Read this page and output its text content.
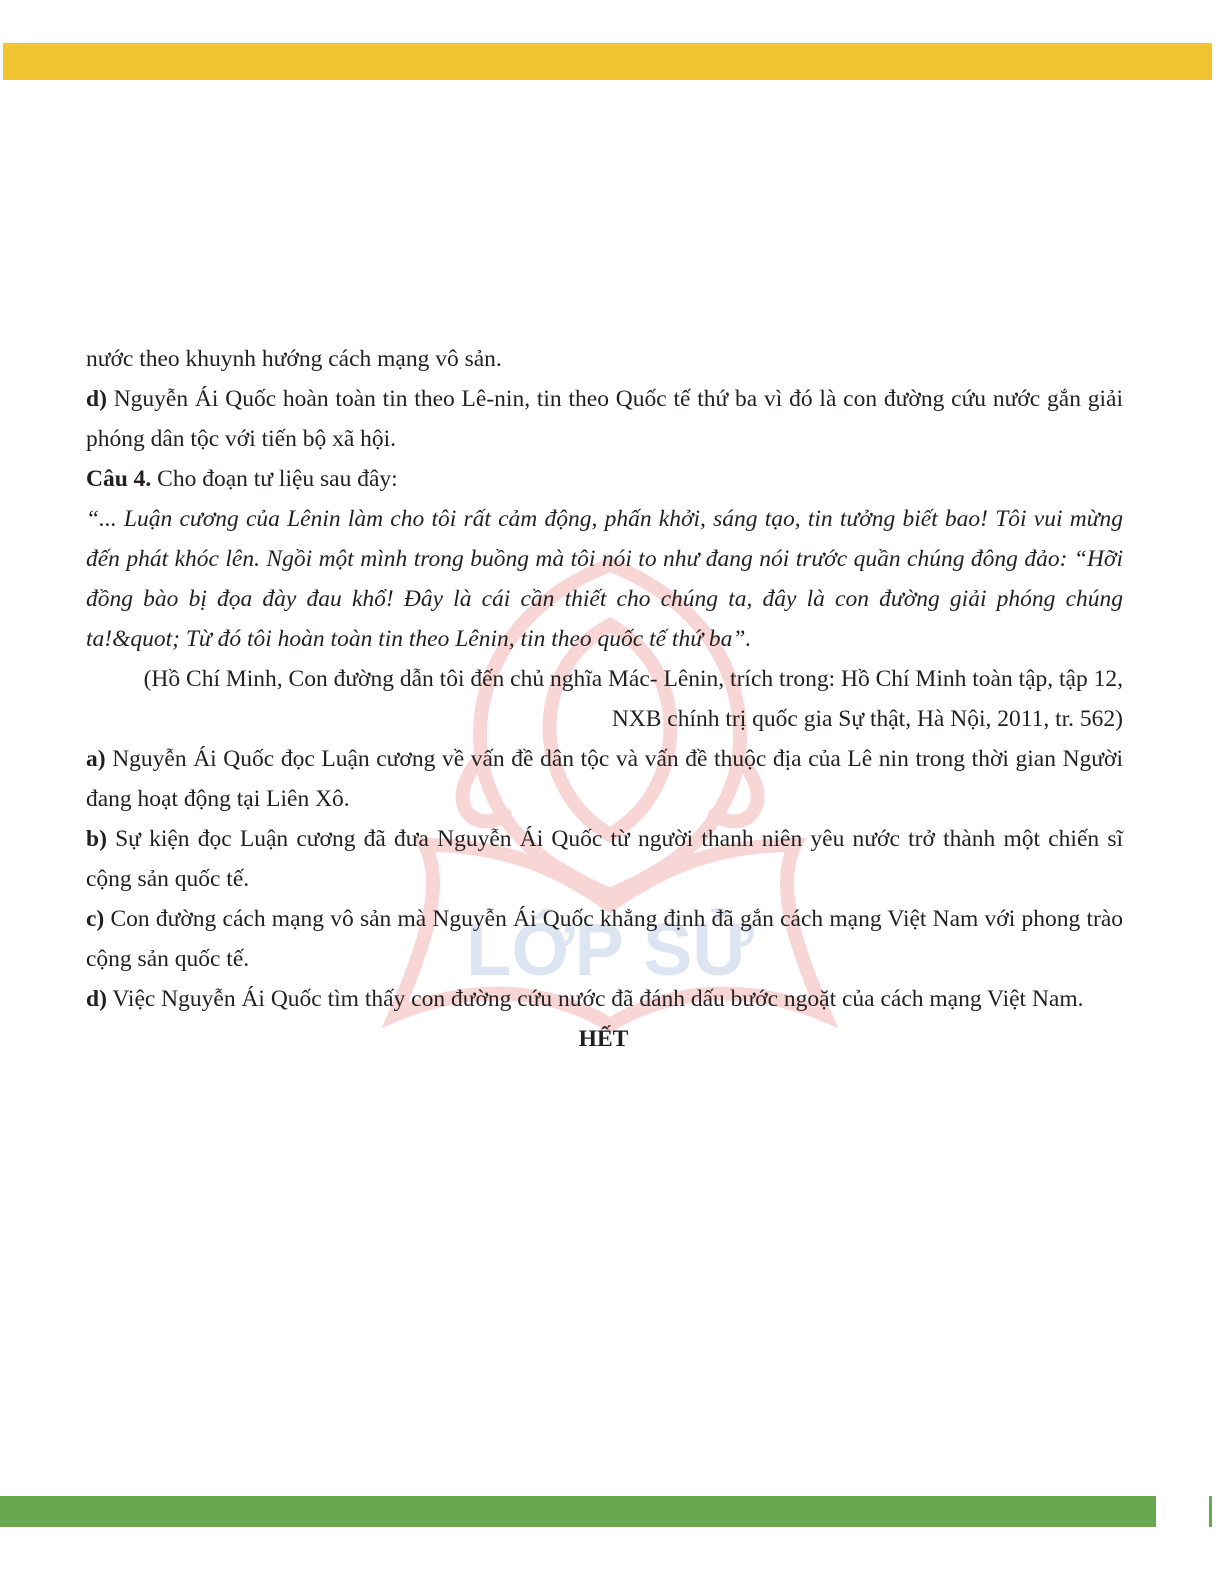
LỚP SỬ

nước theo khuynh hướng cách mạng vô sản.

d) Nguyễn Ái Quốc hoàn toàn tin theo Lê-nin, tin theo Quốc tế thứ ba vì đó là con đường cứu nước gắn giải phóng dân tộc với tiến bộ xã hội.

Câu 4. Cho đoạn tư liệu sau đây:

“... Luận cương của Lênin làm cho tôi rất cảm động, phấn khởi, sáng tạo, tin tưởng biết bao! Tôi vui mừng đến phát khóc lên. Ngồi một mình trong buồng mà tôi nói to như đang nói trước quần chúng đông đảo: “Hỡi đồng bào bị đọa đày đau khổ! Đây là cái cần thiết cho chúng ta, đây là con đường giải phóng chúng ta!&quot; Từ đó tôi hoàn toàn tin theo Lênin, tin theo quốc tế thứ ba”.

(Hồ Chí Minh, Con đường dẫn tôi đến chủ nghĩa Mác- Lênin, trích trong: Hồ Chí Minh toàn tập, tập 12, NXB chính trị quốc gia Sự thật, Hà Nội, 2011, tr. 562)

a) Nguyễn Ái Quốc đọc Luận cương về vấn đề dân tộc và vấn đề thuộc địa của Lê nin trong thời gian Người đang hoạt động tại Liên Xô.

b) Sự kiện đọc Luận cương đã đưa Nguyễn Ái Quốc từ người thanh niên yêu nước trở thành một chiến sĩ cộng sản quốc tế.

c) Con đường cách mạng vô sản mà Nguyễn Ái Quốc khẳng định đã gắn cách mạng Việt Nam với phong trào cộng sản quốc tế.

d) Việc Nguyễn Ái Quốc tìm thấy con đường cứu nước đã đánh dấu bước ngoặt của cách mạng Việt Nam.

HẾT
